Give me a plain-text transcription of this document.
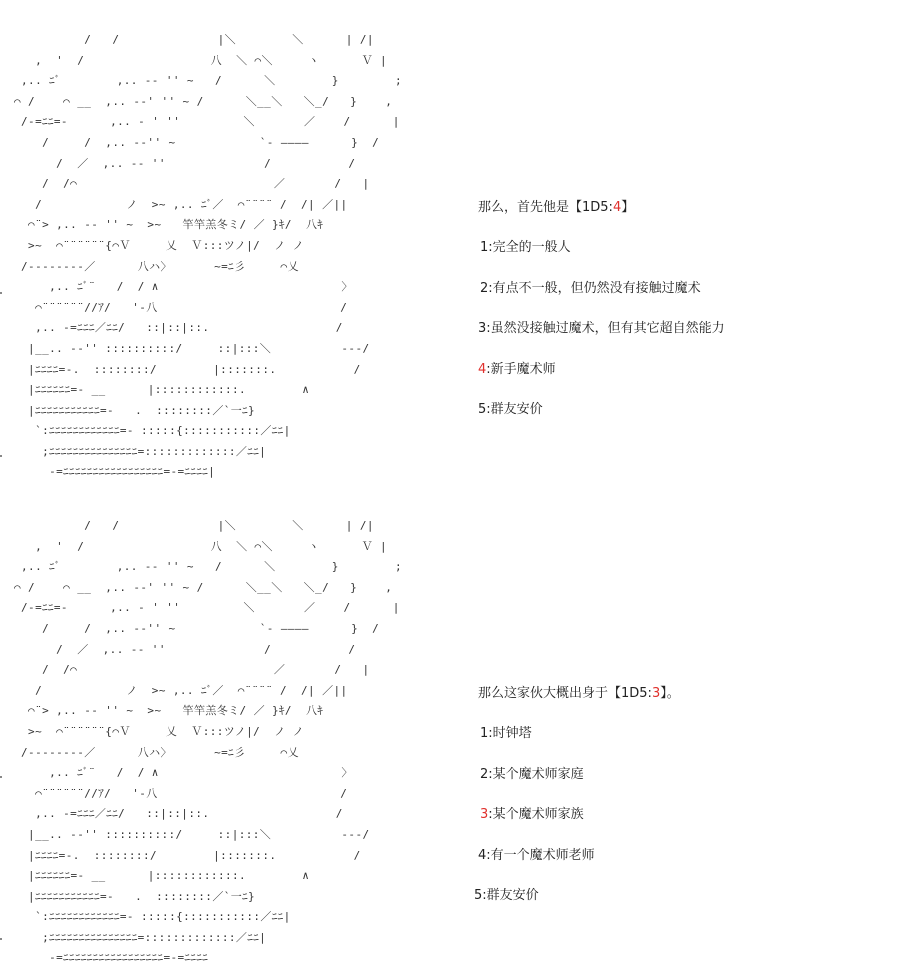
/   /              |＼        ＼      | /|
,  '  /                  八  ＼ ⌒＼     ヽ      Ｖ |
,.. ﾆﾞ        ,.. -‐ '' ~   /      ＼        }        ;
⌒ /    ⌒ __  ,.. -‐' '' ~ /      ＼__＼   ＼_/   }    ,
/‐=ﾆﾆ=-      ,.. - ' ''         ＼       ／    /      |
/     /  ,.. -‐'' ~            `- ――――      }  /
/  ／  ,.. -‐ ''              /           /
/  /⌒                            ／       /   |
/            ノ  >~ ,.. ﾆﾞ／  ⌒¨¨¨¨ /  /| ／||
⌒¨> ,.. -‐ '' ~  >~   竿竿羔冬ミ/ ／ }ｷ/  八ｷ
>~  ⌒¨¨¨¨¨¨{⌒Ｖ     乂  Ｖ:::ツノ|/  ノ ノ
/‐-‐‐‐‐‐‐／      八ハ〉      ~=ﾆ彡     ⌒乂
,.. ﾆﾞ¨   /  / ∧                          〉
⌒¨¨¨¨¨¨//ｱ/   '-八                          /
,.. -=ﾆﾆﾆ／ﾆﾆ/   ::|::|::.                  /
|__.. -‐'' ::::::::::/     ::|:::＼          ---/
|ﾆﾆﾆﾆ=-.  ::::::::/        |:::::::.           /
|ﾆﾆﾆﾆﾆﾆ=- __      |::::::::::::.        ∧
|ﾆﾆﾆﾆﾆﾆﾆﾆﾆﾆﾆ=-   .  ::::::::／`一ﾆ}
`:ﾆﾆﾆﾆﾆﾆﾆﾆﾆﾆﾆﾆ=- :::::{:::::::::::／ﾆﾆ|
;ﾆﾆﾆﾆﾆﾆﾆﾆﾆﾆﾆﾆﾆﾆﾆ=:::::::::::::／ﾆﾆ|
-=ﾆﾆﾆﾆﾆﾆﾆﾆﾆﾆﾆﾆﾆﾆﾆﾆﾆ=-=ﾆﾆﾆﾆ|
那么，首先他是【1D5:4】
1:完全的一般人
2:有点不一般，但仍然没有接触过魔术
3:虽然没接触过魔术，但有其它超自然能力
4:新手魔术师
5:群友安价
/   /              |＼        ＼      | /|
,  '  /                  八  ＼ ⌒＼     ヽ      Ｖ |
,.. ﾆﾞ        ,.. -‐ '' ~   /      ＼        }        ;
⌒ /    ⌒ __  ,.. -‐' '' ~ /      ＼__＼   ＼_/   }    ,
/‐=ﾆﾆ=-      ,.. - ' ''         ＼       ／    /      |
/     /  ,.. -‐'' ~            `- ――――      }  /
/  ／  ,.. -‐ ''              /           /
/  /⌒                            ／       /   |
/            ノ  >~ ,.. ﾆﾞ／  ⌒¨¨¨¨ /  /| ／||
⌒¨> ,.. -‐ '' ~  >~   竿竿羔冬ミ/ ／ }ｷ/  八ｷ
>~  ⌒¨¨¨¨¨¨{⌒Ｖ     乂  Ｖ:::ツノ|/  ノ ノ
/‐-‐‐‐‐‐‐／      八ハ〉      ~=ﾆ彡     ⌒乂
,.. ﾆﾞ¨   /  / ∧                          〉
⌒¨¨¨¨¨¨//ｱ/   '-八                          /
,.. -=ﾆﾆﾆ／ﾆﾆ/   ::|::|::.                  /
|__.. -‐'' ::::::::::/     ::|:::＼          ---/
|ﾆﾆﾆﾆ=-.  ::::::::/        |:::::::.           /
|ﾆﾆﾆﾆﾆﾆ=- __      |::::::::::::.        ∧
|ﾆﾆﾆﾆﾆﾆﾆﾆﾆﾆﾆ=-   .  ::::::::／`一ﾆ}
`:ﾆﾆﾆﾆﾆﾆﾆﾆﾆﾆﾆﾆ=- :::::{:::::::::::／ﾆﾆ|
;ﾆﾆﾆﾆﾆﾆﾆﾆﾆﾆﾆﾆﾆﾆﾆ=:::::::::::::／ﾆﾆ|
-=ﾆﾆﾆﾆﾆﾆﾆﾆﾆﾆﾆﾆﾆﾆﾆﾆﾆ=-=ﾆﾆﾆﾆ
那么这家伙大概出身于【1D5:3】。
1:时钟塔
2:某个魔术师家庭
3:某个魔术师家族
4:有一个魔术师老师
5:群友安价
